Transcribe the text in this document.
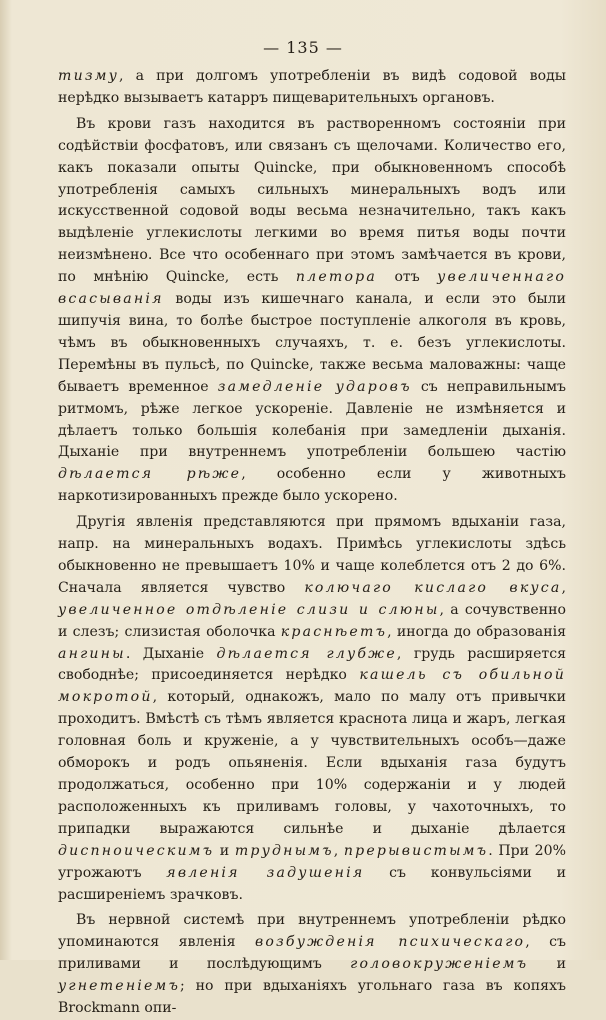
— 135 —

тизму, а при долгомъ употребленіи въ видѣ содовой воды нерѣдко вызываетъ катарръ пищеварительныхъ органовъ.

Въ крови газъ находится въ растворенномъ состояніи при содѣйствіи фосфатовъ, или связанъ съ щелочами. Количество его, какъ показали опыты Quincke, при обыкновенномъ способѣ употребленія самыхъ сильныхъ минеральныхъ водъ или искусственной содовой воды весьма незначительно, такъ какъ выдѣленіе углекислоты легкими во время питья воды почти неизмѣнено. Все что особеннаго при этомъ замѣчается въ крови, по мнѣнію Quincke, есть плетора отъ увеличеннаго всасыванія воды изъ кишечнаго канала, и если это были шипучія вина, то болѣе быстрое поступленіе алкоголя въ кровь, чѣмъ въ обыкновенныхъ случаяхъ, т. е. безъ углекислоты. Перемѣны въ пульсѣ, по Quincke, также весьма маловажны: чаще бываетъ временное замедленіе ударовъ съ неправильнымъ ритмомъ, рѣже легкое ускореніе. Давленіе не измѣняется и дѣлаетъ только большія колебанія при замедленіи дыханія. Дыханіе при внутреннемъ употребленіи большею частію дѣлается рѣже, особенно если у животныхъ наркотизированныхъ прежде было ускорено.

Другія явленія представляются при прямомъ вдыханіи газа, напр. на минеральныхъ водахъ. Примѣсь углекислоты здѣсь обыкновенно не превышаетъ 10% и чаще колеблется отъ 2 до 6%. Сначала является чувство колючаго кислаго вкуса, увеличенное отдѣленіе слизи и слюны, а сочувственно и слезъ; слизистая оболочка краснѣетъ, иногда до образованія ангины. Дыханіе дѣлается глубже, грудь расширяется свободнѣе; присоединяется нерѣдко кашель съ обильной мокротой, который, однакожъ, мало по малу отъ привычки проходитъ. Вмѣстѣ съ тѣмъ является краснота лица и жаръ, легкая головная боль и круженіе, а у чувствительныхъ особъ—даже обморокъ и родъ опьяненія. Если вдыханія газа будутъ продолжаться, особенно при 10% содержаніи и у людей расположенныхъ къ приливамъ головы, у чахоточныхъ, то припадки выражаются сильнѣе и дыханіе дѣлается диспноическимъ и труднымъ, прерывистымъ. При 20% угрожаютъ явленія задушенія съ конвульсіями и расширеніемъ зрачковъ.

Въ нервной системѣ при внутреннемъ употребленіи рѣдко упоминаются явленія возбужденія психическаго, съ приливами и послѣдующимъ головокруженіемъ и угнетеніемъ; но при вдыханіяхъ угольнаго газа въ копяхъ Brockmann опи-
